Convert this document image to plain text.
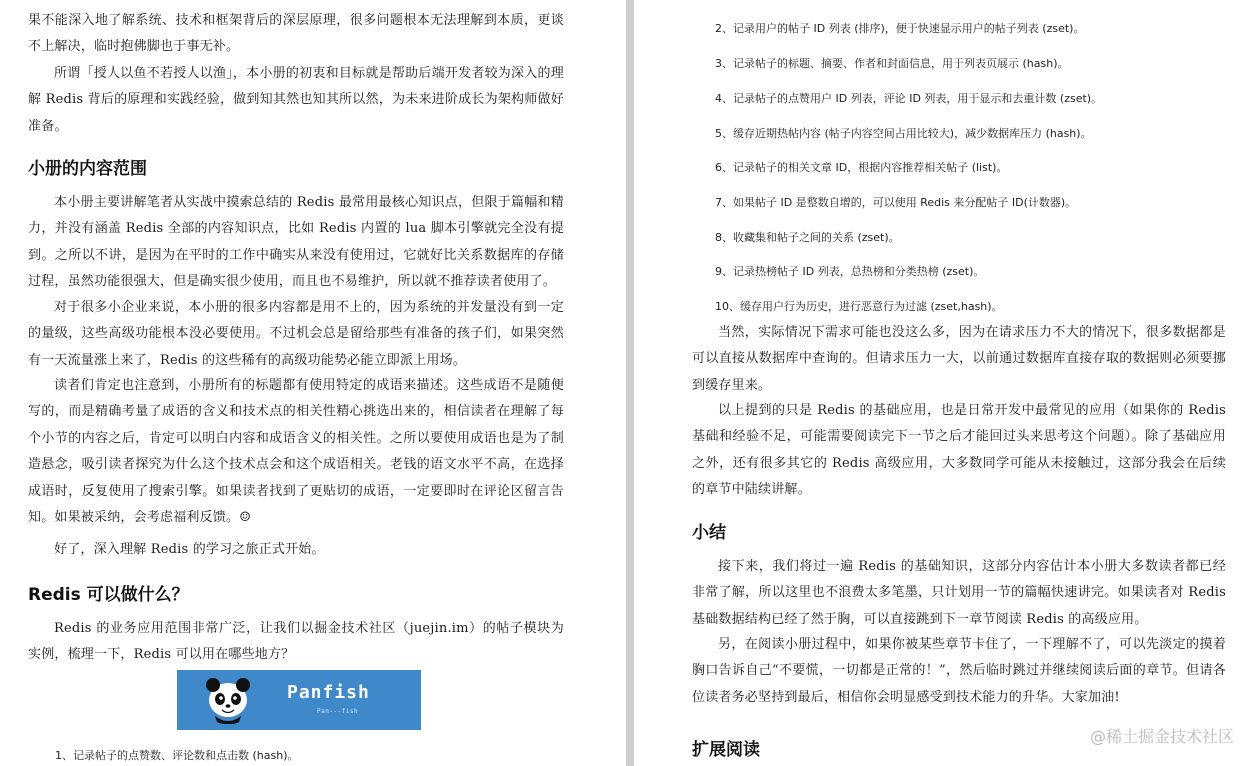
果不能深入地了解系统、技术和框架背后的深层原理，很多问题根本无法理解到本质，更谈不上解决，临时抱佛脚也于事无补。

所谓「授人以鱼不若授人以渔」，本小册的初衷和目标就是帮助后端开发者较为深入的理解 Redis 背后的原理和实践经验，做到知其然也知其所以然，为未来进阶成长为架构师做好准备。

小册的内容范围

本小册主要讲解笔者从实战中摸索总结的 Redis 最常用最核心知识点，但限于篇幅和精力，并没有涵盖 Redis 全部的内容知识点，比如 Redis 内置的 lua 脚本引擎就完全没有提到。之所以不讲，是因为在平时的工作中确实从来没有使用过，它就好比关系数据库的存储过程，虽然功能很强大，但是确实很少使用，而且也不易维护，所以就不推荐读者使用了。

对于很多小企业来说，本小册的很多内容都是用不上的，因为系统的并发量没有到一定的量级，这些高级功能根本没必要使用。不过机会总是留给那些有准备的孩子们，如果突然有一天流量涨上来了，Redis 的这些稀有的高级功能势必能立即派上用场。

读者们肯定也注意到，小册所有的标题都有使用特定的成语来描述。这些成语不是随便写的，而是精确考量了成语的含义和技术点的相关性精心挑选出来的，相信读者在理解了每个小节的内容之后，肯定可以明白内容和成语含义的相关性。之所以要使用成语也是为了制造悬念，吸引读者探究为什么这个技术点会和这个成语相关。老钱的语文水平不高，在选择成语时，反复使用了搜索引擎。如果读者找到了更贴切的成语，一定要即时在评论区留言告知。如果被采纳，会考虑福利反馈。☺

好了，深入理解 Redis 的学习之旅正式开始。

Redis 可以做什么？

Redis 的业务应用范围非常广泛，让我们以掘金技术社区（juejin.im）的帖子模块为实例，梳理一下，Redis 可以用在哪些地方？

Panfish
Pan---fish

1、记录帖子的点赞数、评论数和点击数 (hash)。

2、记录用户的帖子 ID 列表 (排序)，便于快速显示用户的帖子列表 (zset)。

3、记录帖子的标题、摘要、作者和封面信息，用于列表页展示 (hash)。

4、记录帖子的点赞用户 ID 列表，评论 ID 列表，用于显示和去重计数 (zset)。

5、缓存近期热帖内容 (帖子内容空间占用比较大)，减少数据库压力 (hash)。

6、记录帖子的相关文章 ID，根据内容推荐相关帖子 (list)。

7、如果帖子 ID 是整数自增的，可以使用 Redis 来分配帖子 ID(计数器)。

8、收藏集和帖子之间的关系 (zset)。

9、记录热榜帖子 ID 列表，总热榜和分类热榜 (zset)。

10、缓存用户行为历史，进行恶意行为过滤 (zset,hash)。

当然，实际情况下需求可能也没这么多，因为在请求压力不大的情况下，很多数据都是可以直接从数据库中查询的。但请求压力一大，以前通过数据库直接存取的数据则必须要挪到缓存里来。

以上提到的只是 Redis 的基础应用，也是日常开发中最常见的应用（如果你的 Redis 基础和经验不足，可能需要阅读完下一节之后才能回过头来思考这个问题）。除了基础应用之外，还有很多其它的 Redis 高级应用，大多数同学可能从未接触过，这部分我会在后续的章节中陆续讲解。

小结

接下来，我们将过一遍 Redis 的基础知识，这部分内容估计本小册大多数读者都已经非常了解，所以这里也不浪费太多笔墨，只计划用一节的篇幅快速讲完。如果读者对 Redis 基础数据结构已经了然于胸，可以直接跳到下一章节阅读 Redis 的高级应用。

另，在阅读小册过程中，如果你被某些章节卡住了，一下理解不了，可以先淡定的摸着胸口告诉自己“不要慌，一切都是正常的！”，然后临时跳过并继续阅读后面的章节。但请各位读者务必坚持到最后，相信你会明显感受到技术能力的升华。大家加油!

扩展阅读
@稀土掘金技术社区
